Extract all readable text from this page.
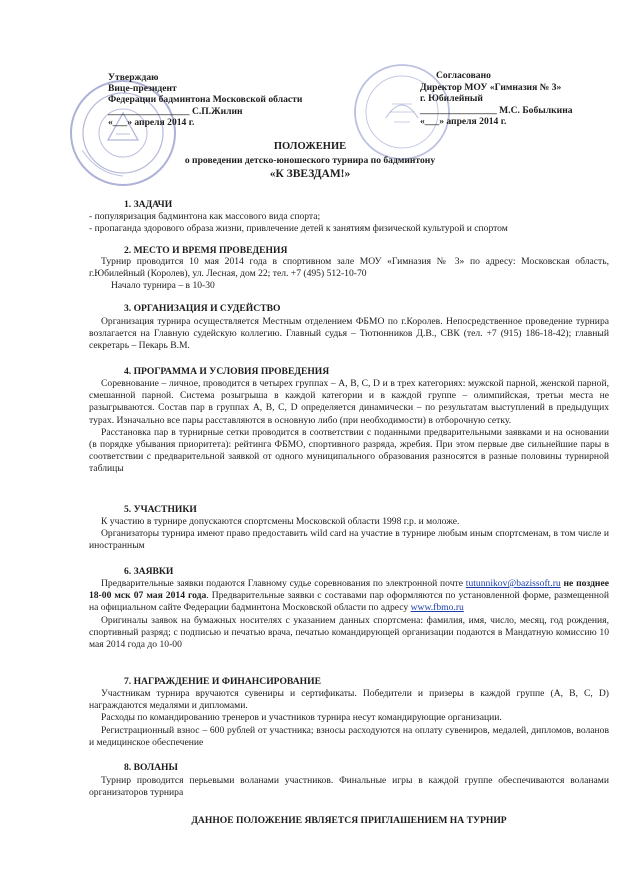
Утверждаю
Вице-президент
Федерации бадминтона Московской области
_________________ С.П.Жилин
«___» апреля 2014 г.
Согласовано
Директор МОУ «Гимназия № 3»
г. Юбилейный
________________ М.С. Бобылкина
«___» апреля 2014 г.
ПОЛОЖЕНИЕ
о проведении детско-юношеского турнира по бадминтону
«К ЗВЕЗДАМ!»
1. ЗАДАЧИ
- популяризация бадминтона как массового вида спорта;
- пропаганда здорового образа жизни, привлечение детей к занятиям физической культурой и спортом
2. МЕСТО И ВРЕМЯ ПРОВЕДЕНИЯ
Турнир проводится 10 мая 2014 года в спортивном зале МОУ «Гимназия № 3» по адресу: Московская область, г.Юбилейный (Королев), ул. Лесная, дом 22; тел. +7 (495) 512-10-70
Начало турнира – в 10-30
3. ОРГАНИЗАЦИЯ И СУДЕЙСТВО
Организация турнира осуществляется Местным отделением ФБМО по г.Королев. Непосредственное проведение турнира возлагается на Главную судейскую коллегию. Главный судья – Тютюнников Д.В., СВК (тел. +7 (915) 186-18-42); главный секретарь – Пекарь В.М.
4. ПРОГРАММА И УСЛОВИЯ ПРОВЕДЕНИЯ
Соревнование – личное, проводится в четырех группах – А, В, С, D и в трех категориях: мужской парной, женской парной, смешанной парной. Система розыгрыша в каждой категории и в каждой группе – олимпийская, третьи места не разыгрываются. Состав пар в группах А, В, С, D определяется динамически – по результатам выступлений в предыдущих турах. Изначально все пары расставляются в основную либо (при необходимости) в отборочную сетку.
Расстановка пар в турнирные сетки проводится в соответствии с поданными предварительными заявками и на основании (в порядке убывания приоритета): рейтинга ФБМО, спортивного разряда, жребия. При этом первые две сильнейшие пары в соответствии с предварительной заявкой от одного муниципального образования разносятся в разные половины турнирной таблицы
5. УЧАСТНИКИ
К участию в турнире допускаются спортсмены Московской области 1998 г.р. и моложе.
Организаторы турнира имеют право предоставить wild card на участие в турнире любым иным спортсменам, в том числе и иностранным
6. ЗАЯВКИ
Предварительные заявки подаются Главному судье соревнования по электронной почте tutunnikov@bazissoft.ru не позднее 18-00 мск 07 мая 2014 года. Предварительные заявки с составами пар оформляются по установленной форме, размещенной на официальном сайте Федерации бадминтона Московской области по адресу www.fbmo.ru
Оригиналы заявок на бумажных носителях с указанием данных спортсмена: фамилия, имя, число, месяц, год рождения, спортивный разряд; с подписью и печатью врача, печатью командирующей организации подаются в Мандатную комиссию 10 мая 2014 года до 10-00
7. НАГРАЖДЕНИЕ И ФИНАНСИРОВАНИЕ
Участникам турнира вручаются сувениры и сертификаты. Победители и призеры в каждой группе (А, В, С, D) награждаются медалями и дипломами.
Расходы по командированию тренеров и участников турнира несут командирующие организации.
Регистрационный взнос – 600 рублей от участника; взносы расходуются на оплату сувениров, медалей, дипломов, воланов и медицинское обеспечение
8. ВОЛАНЫ
Турнир проводится перьевыми воланами участников. Финальные игры в каждой группе обеспечиваются воланами организаторов турнира
ДАННОЕ ПОЛОЖЕНИЕ ЯВЛЯЕТСЯ ПРИГЛАШЕНИЕМ НА ТУРНИР
